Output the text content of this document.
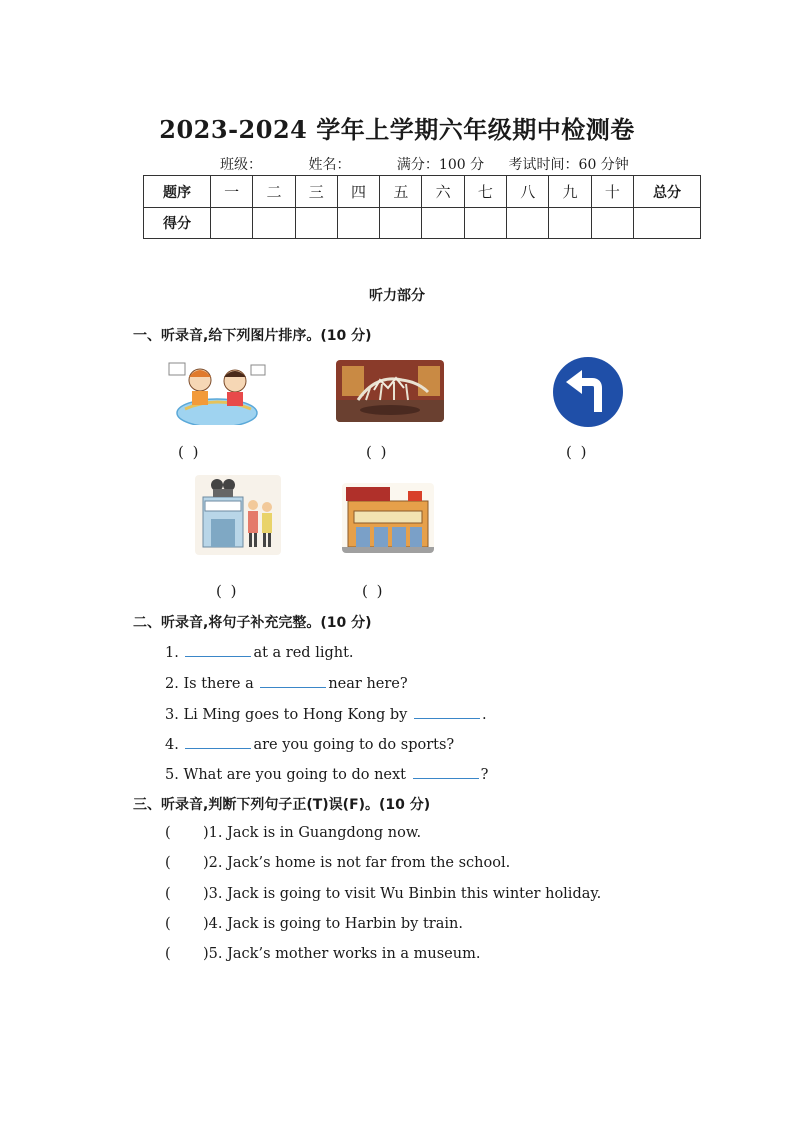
2023-2024 学年上学期六年级期中检测卷
班级：	姓名：	满分：100 分 考试时间：60 分钟
题序	一	二	三	四	五	六	七	八	九	十	总分
得分											
听力部分
一、听录音,给下列图片排序。(10 分)
( )	( )	( )
( )	( )
二、听录音,将句子补充完整。(10 分)
1.	at a red light.
2. Is there a	near here?
3. Li Ming goes to Hong Kong by	.
4.	are you going to do sports?
5. What are you going to do next	?
三、听录音,判断下列句子正(T)误(F)。(10 分)
( )1. Jack is in Guangdong now.
( )2. Jack’s home is not far from the school.
( )3. Jack is going to visit Wu Binbin this winter holiday.
( )4. Jack is going to Harbin by train.
( )5. Jack’s mother works in a museum.
